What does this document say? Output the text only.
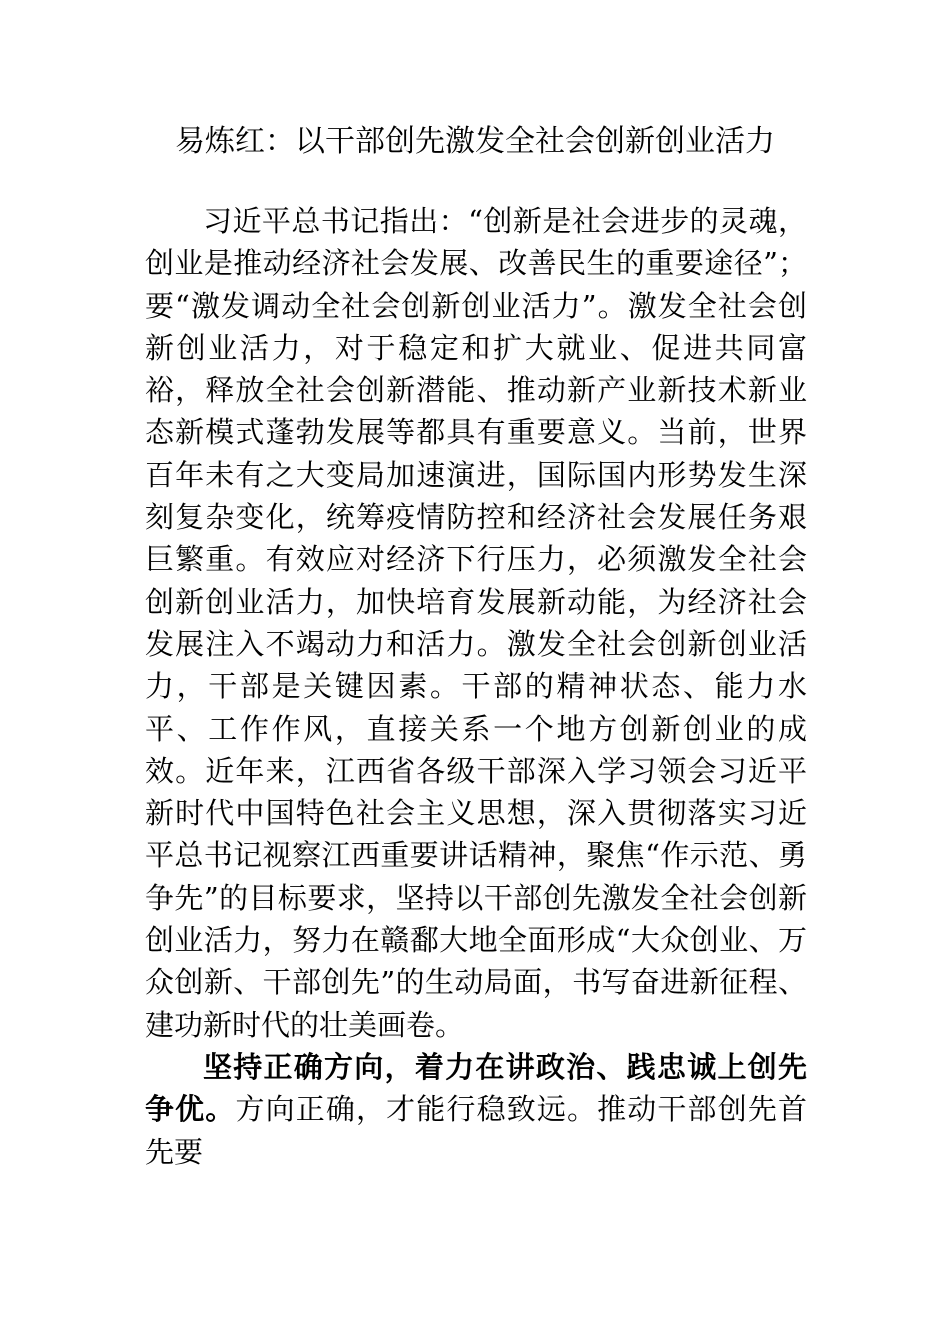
易炼红：以干部创先激发全社会创新创业活力

习近平总书记指出：“创新是社会进步的灵魂，创业是推动经济社会发展、改善民生的重要途径”；要“激发调动全社会创新创业活力”。激发全社会创新创业活力，对于稳定和扩大就业、促进共同富裕，释放全社会创新潜能、推动新产业新技术新业态新模式蓬勃发展等都具有重要意义。当前，世界百年未有之大变局加速演进，国际国内形势发生深刻复杂变化，统筹疫情防控和经济社会发展任务艰巨繁重。有效应对经济下行压力，必须激发全社会创新创业活力，加快培育发展新动能，为经济社会发展注入不竭动力和活力。激发全社会创新创业活力，干部是关键因素。干部的精神状态、能力水平、工作作风，直接关系一个地方创新创业的成效。近年来，江西省各级干部深入学习领会习近平新时代中国特色社会主义思想，深入贯彻落实习近平总书记视察江西重要讲话精神，聚焦“作示范、勇争先”的目标要求，坚持以干部创先激发全社会创新创业活力，努力在赣鄱大地全面形成“大众创业、万众创新、干部创先”的生动局面，书写奋进新征程、建功新时代的壮美画卷。

坚持正确方向，着力在讲政治、践忠诚上创先争优。方向正确，才能行稳致远。推动干部创先首先要
